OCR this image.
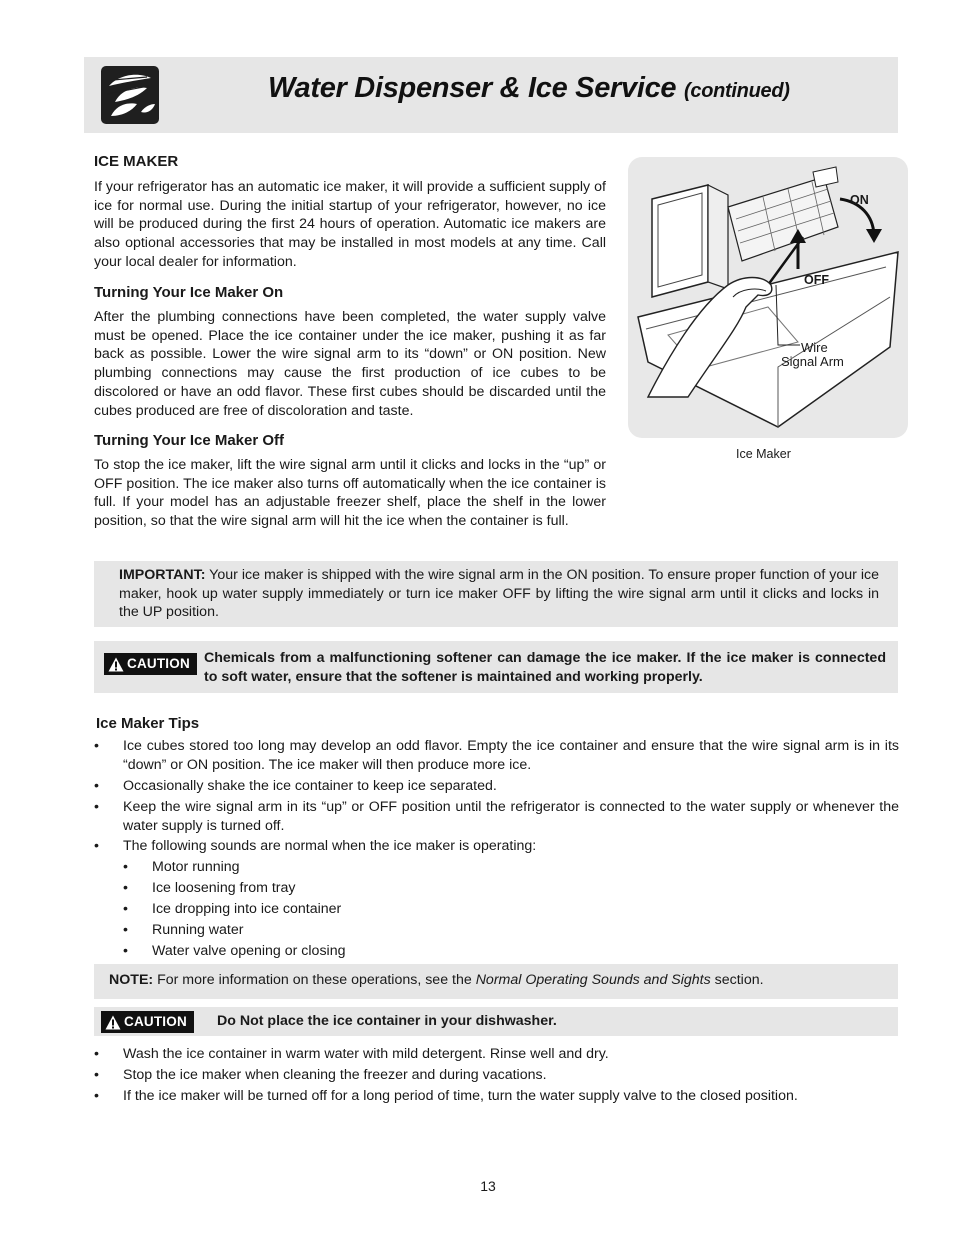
Water Dispenser & Ice Service (continued)
ICE MAKER
If your refrigerator has an automatic ice maker, it will provide a sufficient supply of ice for normal use. During the initial startup of your refrigerator, however, no ice will be produced during the first 24 hours of operation. Automatic ice makers are also optional accessories that may be installed in most models at any time. Call your local dealer for information.
Turning Your Ice Maker On
After the plumbing connections have been completed, the water supply valve must be opened. Place the ice container under the ice maker, pushing it as far back as possible. Lower the wire signal arm to its “down” or ON position. New plumbing connections may cause the first production of ice cubes to be discolored or have an odd flavor. These first cubes should be discarded until the cubes produced are free of discoloration and taste.
Turning Your Ice Maker Off
To stop the ice maker, lift the wire signal arm until it clicks and locks in the “up” or OFF position. The ice maker also turns off automatically when the ice container is full. If your model has an adjustable freezer shelf, place the shelf in the lower position, so that the wire signal arm will hit the ice when the container is full.
ON
OFF
Wire
Signal Arm
Ice Maker
IMPORTANT: Your ice maker is shipped with the wire signal arm in the ON position. To ensure proper function of your ice maker, hook up water supply immediately or turn ice maker OFF by lifting the wire signal arm until it clicks and locks in the UP position.
CAUTION Chemicals from a malfunctioning softener can damage the ice maker. If the ice maker is connected to soft water, ensure that the softener is maintained and working properly.
Ice Maker Tips
• Ice cubes stored too long may develop an odd flavor. Empty the ice container and ensure that the wire signal arm is in its “down” or ON position. The ice maker will then produce more ice.
• Occasionally shake the ice container to keep ice separated.
• Keep the wire signal arm in its “up” or OFF position until the refrigerator is connected to the water supply or whenever the water supply is turned off.
• The following sounds are normal when the ice maker is operating:
• Motor running
• Ice loosening from tray
• Ice dropping into ice container
• Running water
• Water valve opening or closing
NOTE: For more information on these operations, see the Normal Operating Sounds and Sights section.
CAUTION Do Not place the ice container in your dishwasher.
• Wash the ice container in warm water with mild detergent. Rinse well and dry.
• Stop the ice maker when cleaning the freezer and during vacations.
• If the ice maker will be turned off for a long period of time, turn the water supply valve to the closed position.
13
